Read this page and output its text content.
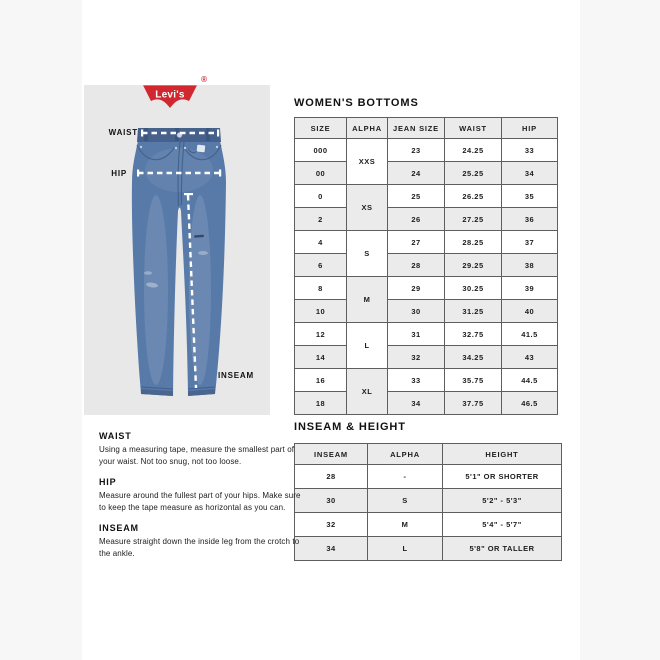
Levi's
®
WAIST
HIP
INSEAM
WOMEN'S BOTTOMS
SIZE	ALPHA	JEAN SIZE	WAIST	HIP
000	XXS	23	24.25	33
00		24	25.25	34
0	XS	25	26.25	35
2		26	27.25	36
4	S	27	28.25	37
6		28	29.25	38
8	M	29	30.25	39
10		30	31.25	40
12	L	31	32.75	41.5
14		32	34.25	43
16	XL	33	35.75	44.5
18		34	37.75	46.5
INSEAM & HEIGHT
INSEAM	ALPHA	HEIGHT
28	-	5'1" OR SHORTER
30	S	5'2" - 5'3"
32	M	5'4" - 5'7"
34	L	5'8" OR TALLER

WAIST

Using a measuring tape, measure the smallest part of your waist. Not too snug, not too loose.

HIP

Measure around the fullest part of your hips. Make sure to keep the tape measure as horizontal as you can.

INSEAM

Measure straight down the inside leg from the crotch to the ankle.
